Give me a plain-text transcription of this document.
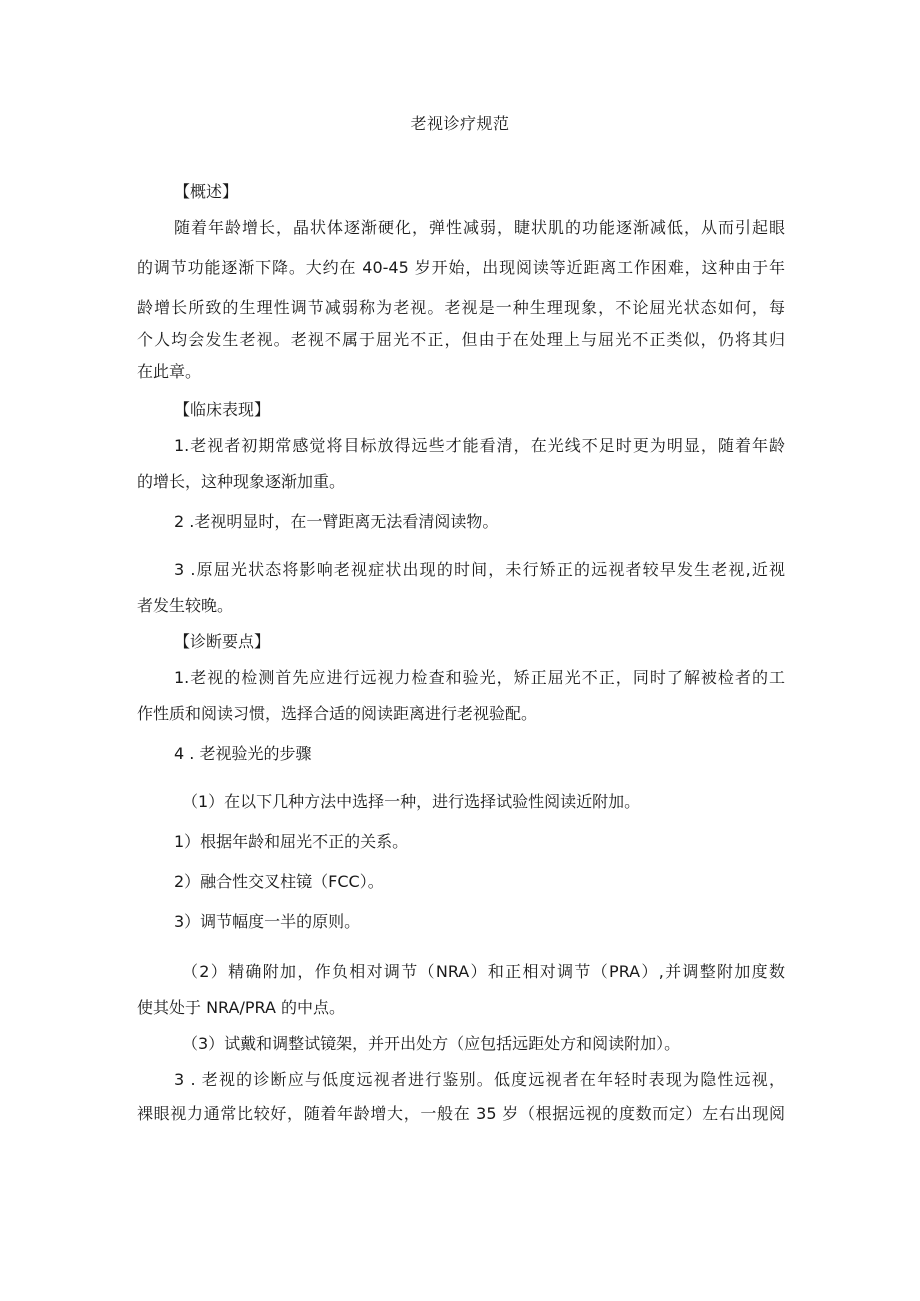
老视诊疗规范
【概述】
随着年龄增长，晶状体逐渐硬化，弹性减弱，睫状肌的功能逐渐减低，从而引起眼
的调节功能逐渐下降。大约在 40-45 岁开始，出现阅读等近距离工作困难，这种由于年
龄增长所致的生理性调节减弱称为老视。老视是一种生理现象，不论屈光状态如何，每
个人均会发生老视。老视不属于屈光不正，但由于在处理上与屈光不正类似，仍将其归
在此章。
【临床表现】
1.老视者初期常感觉将目标放得远些才能看清，在光线不足时更为明显，随着年龄
的增长，这种现象逐渐加重。
2 .老视明显时，在一臂距离无法看清阅读物。
3 .原屈光状态将影响老视症状出现的时间，未行矫正的远视者较早发生老视,近视
者发生较晚。
【诊断要点】
1.老视的检测首先应进行远视力检查和验光，矫正屈光不正，同时了解被检者的工
作性质和阅读习惯，选择合适的阅读距离进行老视验配。
4 . 老视验光的步骤
（1）在以下几种方法中选择一种，进行选择试验性阅读近附加。
1）根据年龄和屈光不正的关系。
2）融合性交叉柱镜（FCC）。
3）调节幅度一半的原则。
（2）精确附加，作负相对调节（NRA）和正相对调节（PRA）,并调整附加度数
使其处于 NRA/PRA 的中点。
（3）试戴和调整试镜架，并开出处方（应包括远距处方和阅读附加）。
3 . 老视的诊断应与低度远视者进行鉴别。低度远视者在年轻时表现为隐性远视，
裸眼视力通常比较好，随着年龄增大，一般在 35 岁（根据远视的度数而定）左右出现阅
